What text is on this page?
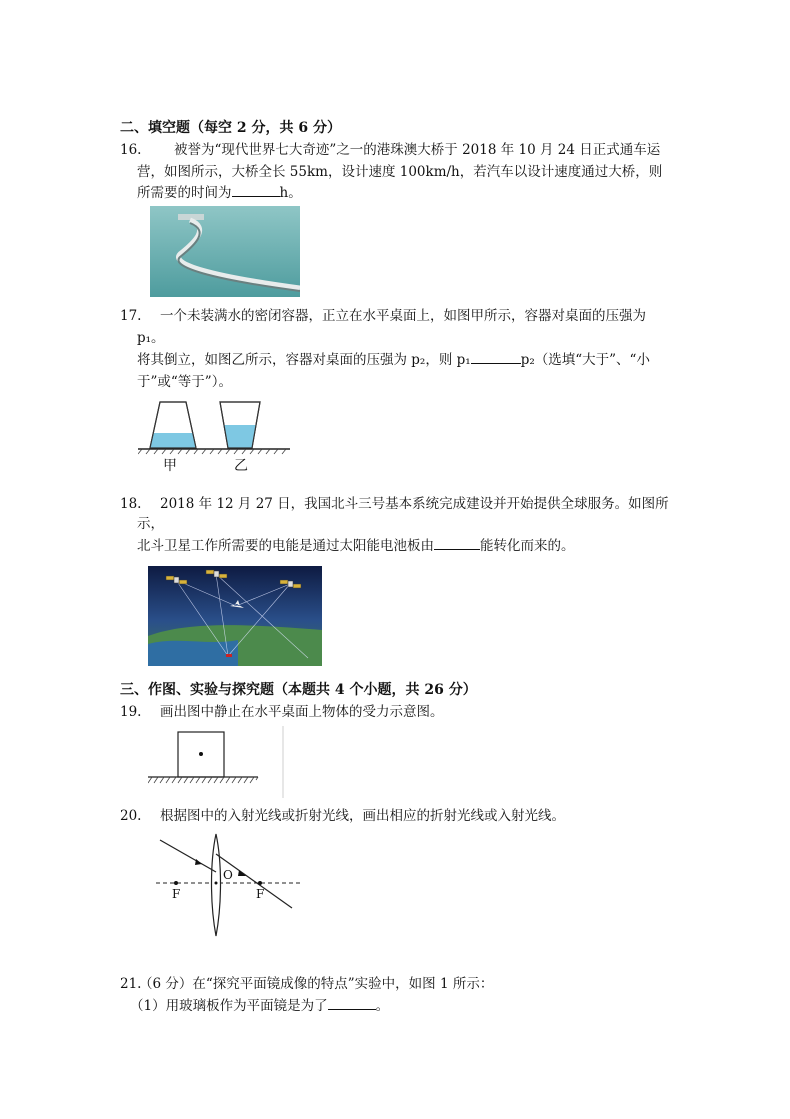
二、填空题（每空 2 分，共 6 分）
16. 被誉为“现代世界七大奇迹”之一的港珠澳大桥于 2018 年 10 月 24 日正式通车运
营，如图所示，大桥全长 55km，设计速度 100km/h，若汽车以设计速度通过大桥，则
所需要的时间为	h。
17. 一个未装满水的密闭容器，正立在水平桌面上，如图甲所示，容器对桌面的压强为
p₁。
将其倒立，如图乙所示，容器对桌面的压强为 p₂，则 p₁	p₂（选填“大于”、“小
于”或“等于”）。
甲	乙
18. 2018 年 12 月 27 日，我国北斗三号基本系统完成建设并开始提供全球服务。如图所
示，
北斗卫星工作所需要的电能是通过太阳能电池板由	能转化而来的。
三、作图、实验与探究题（本题共 4 个小题，共 26 分）
19. 画出图中静止在水平桌面上物体的受力示意图。
20. 根据图中的入射光线或折射光线，画出相应的折射光线或入射光线。
F
O
F
21.
（6 分）在“探究平面镜成像的特点”实验中，如图 1 所示：
（1）用玻璃板作为平面镜是为了	。
